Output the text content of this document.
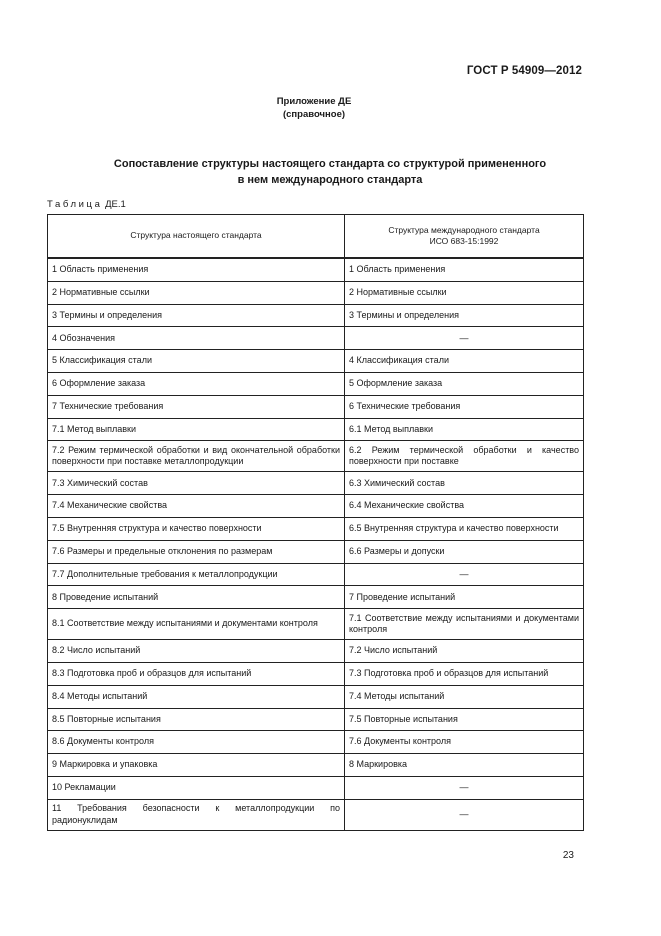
ГОСТ Р 54909—2012
Приложение ДЕ
(справочное)
Сопоставление структуры настоящего стандарта со структурой примененного
в нем международного стандарта
Таблица ДЕ.1
Структура настоящего стандарта	Структура международного стандарта
ИСО 683-15:1992

1 Область применения	1 Область применения
2 Нормативные ссылки	2 Нормативные ссылки
3 Термины и определения	3 Термины и определения
4 Обозначения	—
5 Классификация стали	4 Классификация стали
6 Оформление заказа	5 Оформление заказа
7 Технические требования	6 Технические требования
7.1 Метод выплавки	6.1 Метод выплавки
7.2 Режим термической обработки и вид окончательной обработки поверхности при поставке металлопродукции	6.2 Режим термической обработки и качество поверхности при поставке
7.3 Химический состав	6.3 Химический состав
7.4 Механические свойства	6.4 Механические свойства
7.5 Внутренняя структура и качество поверхности	6.5 Внутренняя структура и качество поверхности
7.6 Размеры и предельные отклонения по размерам	6.6 Размеры и допуски
7.7 Дополнительные требования к металлопродукции	—
8 Проведение испытаний	7 Проведение испытаний
8.1 Соответствие между испытаниями и документами контроля	7.1 Соответствие между испытаниями и документами контроля
8.2 Число испытаний	7.2 Число испытаний
8.3 Подготовка проб и образцов для испытаний	7.3 Подготовка проб и образцов для испытаний
8.4 Методы испытаний	7.4 Методы испытаний
8.5 Повторные испытания	7.5 Повторные испытания
8.6 Документы контроля	7.6 Документы контроля
9 Маркировка и упаковка	8 Маркировка
10 Рекламации	—
11 Требования безопасности к металлопродукции по радионуклидам	—
23
